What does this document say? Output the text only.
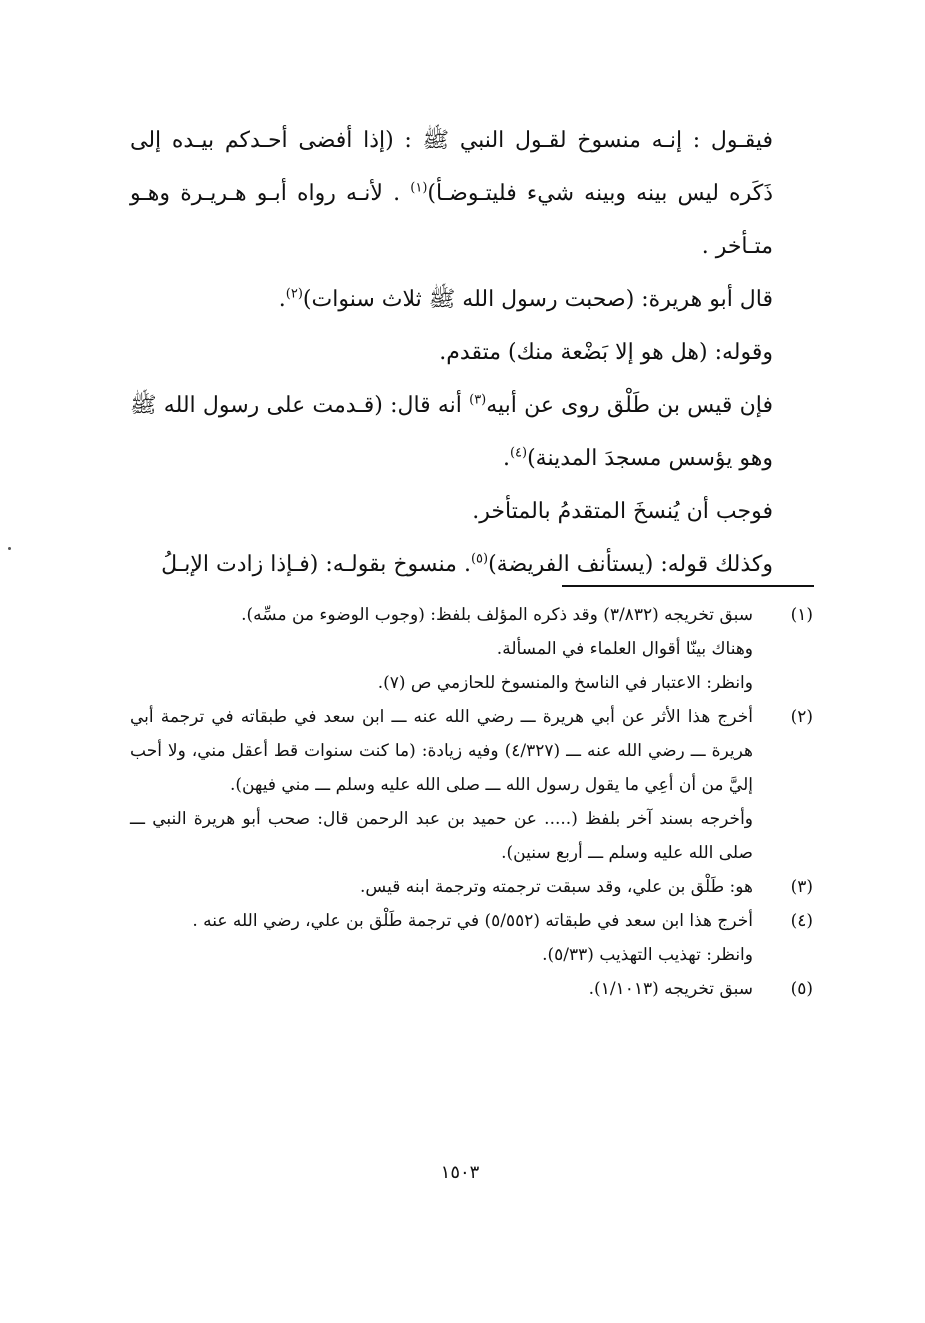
فيقـول : إنـه منسوخ لقـول النبي ﷺ : (إذا أفضى أحـدكم بيـده إلى ذَكَره ليس بينه وبينه شيء فليتـوضـأ)$^{(١)}$ . لأنـه رواه أبـو هـريـرة وهـو متـأخر .

قال أبو هريرة: (صحبت رسول الله ﷺ ثلاث سنوات)$^{(٢)}$.

وقوله: (هل هو إلا بَضْعة منك) متقدم.

فإن قيس بن طَلْق روى عن أبيه$^{(٣)}$ أنه قال: (قـدمت على رسول الله ﷺ وهو يؤسس مسجدَ المدينة)$^{(٤)}$.

فوجب أن يُنسخَ المتقدمُ بالمتأخر.

وكذلك قوله: (يستأنف الفريضة)$^{(٥)}$. منسوخ بقولـه: (فـإذا زادت الإبـلُ

(١)
سبق تخريجه (٣/٨٣٢) وقد ذكره المؤلف بلفظ: (وجوب الوضوء من مسِّه).
وهناك بينّا أقوال العلماء في المسألة.
وانظر: الاعتبار في الناسخ والمنسوخ للحازمي ص (٧).
(٢)
أخرج هذا الأثر عن أبي هريرة ـــ رضي الله عنه ـــ ابن سعد في طبقاته في ترجمة أبي هريرة ـــ رضي الله عنه ـــ (٤/٣٢٧) وفيه زيادة: (ما كنت سنوات قط أعقل مني، ولا أحب إليَّ من أن أعِي ما يقول رسول الله ـــ صلى الله عليه وسلم ـــ مني فيهن).
وأخرجه بسند آخر بلفظ (..... عن حميد بن عبد الرحمن قال: صحب أبو هريرة النبي ـــ صلى الله عليه وسلم ـــ أربع سنين).
(٣)
هو: طَلْق بن علي، وقد سبقت ترجمته وترجمة ابنه قيس.
(٤)
أخرج هذا ابن سعد في طبقاته (٥/٥٥٢) في ترجمة طَلْق بن علي، رضي الله عنه .
وانظر: تهذيب التهذيب (٥/٣٣).
(٥)
سبق تخريجه (١/١٠١٣).
١٥٠٣
